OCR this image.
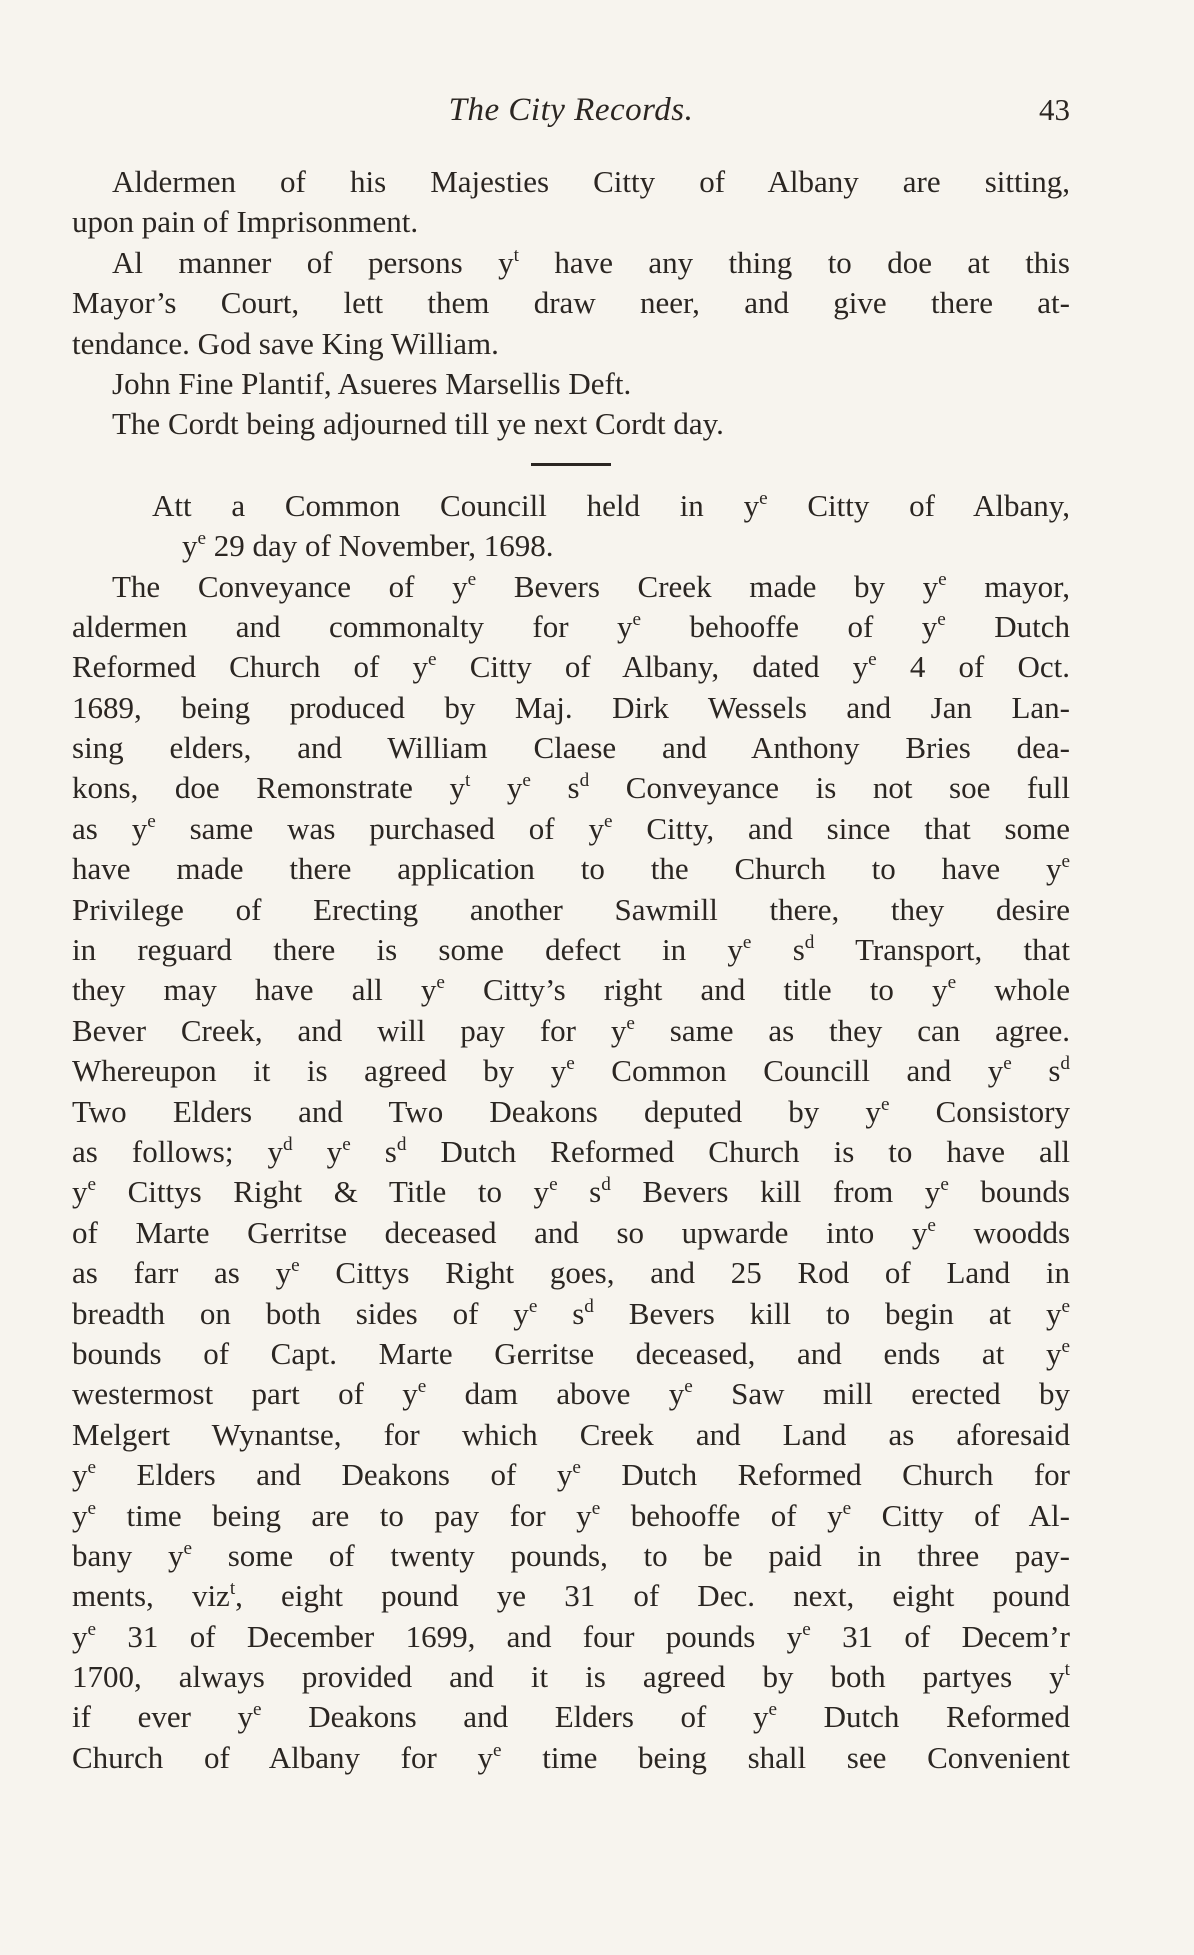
The City Records.	43
Aldermen of his Majesties Citty of Albany are sitting,
upon pain of Imprisonment.
Al manner of persons $y^t$ have any thing to doe at this
Mayor’s Court, lett them draw neer, and give there at-
tendance. God save King William.
John Fine Plantif, Asueres Marsellis Deft.
The Cordt being adjourned till ye next Cordt day.
Att a Common Councill held in $y^e$ Citty of Albany,
$y^e$ 29 day of November, 1698.
The Conveyance of $y^e$ Bevers Creek made by $y^e$ mayor,
aldermen and commonalty for $y^e$ behooffe of $y^e$ Dutch
Reformed Church of $y^e$ Citty of Albany, dated $y^e$ 4 of Oct.
1689, being produced by Maj. Dirk Wessels and Jan Lan-
sing elders, and William Claese and Anthony Bries dea-
kons, doe Remonstrate $y^t$ $y^e$ $s^d$ Conveyance is not soe full
as $y^e$ same was purchased of $y^e$ Citty, and since that some
have made there application to the Church to have $y^e$
Privilege of Erecting another Sawmill there, they desire
in reguard there is some defect in $y^e$ $s^d$ Transport, that
they may have all $y^e$ Citty’s right and title to $y^e$ whole
Bever Creek, and will pay for $y^e$ same as they can agree.
Whereupon it is agreed by $y^e$ Common Councill and $y^e$ $s^d$
Two Elders and Two Deakons deputed by $y^e$ Consistory
as follows; $y^d$ $y^e$ $s^d$ Dutch Reformed Church is to have all
$y^e$ Cittys Right & Title to $y^e$ $s^d$ Bevers kill from $y^e$ bounds
of Marte Gerritse deceased and so upwarde into $y^e$ woodds
as farr as $y^e$ Cittys Right goes, and 25 Rod of Land in
breadth on both sides of $y^e$ $s^d$ Bevers kill to begin at $y^e$
bounds of Capt. Marte Gerritse deceased, and ends at $y^e$
westermost part of $y^e$ dam above $y^e$ Saw mill erected by
Melgert Wynantse, for which Creek and Land as aforesaid
$y^e$ Elders and Deakons of $y^e$ Dutch Reformed Church for
$y^e$ time being are to pay for $y^e$ behooffe of $y^e$ Citty of Al-
bany $y^e$ some of twenty pounds, to be paid in three pay-
ments, viz$^t$, eight pound ye 31 of Dec. next, eight pound
$y^e$ 31 of December 1699, and four pounds $y^e$ 31 of Decem’r
1700, always provided and it is agreed by both partyes $y^t$
if ever $y^e$ Deakons and Elders of $y^e$ Dutch Reformed
Church of Albany for $y^e$ time being shall see Convenient
